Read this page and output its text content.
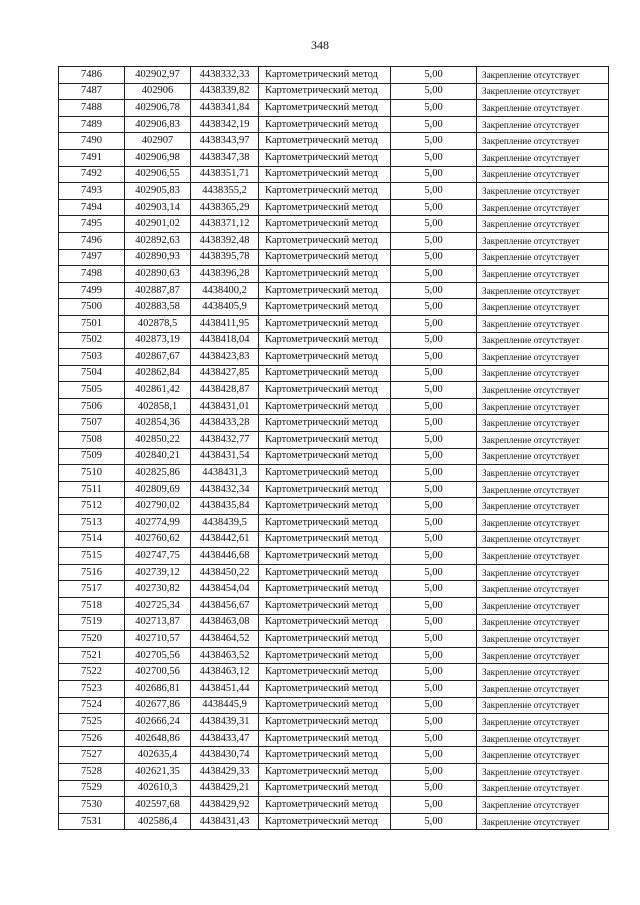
348
7486	402902,97	4438332,33	Картометрический метод	5,00	Закрепление отсутствует
7487	402906	4438339,82	Картометрический метод	5,00	Закрепление отсутствует
7488	402906,78	4438341,84	Картометрический метод	5,00	Закрепление отсутствует
7489	402906,83	4438342,19	Картометрический метод	5,00	Закрепление отсутствует
7490	402907	4438343,97	Картометрический метод	5,00	Закрепление отсутствует
7491	402906,98	4438347,38	Картометрический метод	5,00	Закрепление отсутствует
7492	402906,55	4438351,71	Картометрический метод	5,00	Закрепление отсутствует
7493	402905,83	4438355,2	Картометрический метод	5,00	Закрепление отсутствует
7494	402903,14	4438365,29	Картометрический метод	5,00	Закрепление отсутствует
7495	402901,02	4438371,12	Картометрический метод	5,00	Закрепление отсутствует
7496	402892,63	4438392,48	Картометрический метод	5,00	Закрепление отсутствует
7497	402890,93	4438395,78	Картометрический метод	5,00	Закрепление отсутствует
7498	402890,63	4438396,28	Картометрический метод	5,00	Закрепление отсутствует
7499	402887,87	4438400,2	Картометрический метод	5,00	Закрепление отсутствует
7500	402883,58	4438405,9	Картометрический метод	5,00	Закрепление отсутствует
7501	402878,5	4438411,95	Картометрический метод	5,00	Закрепление отсутствует
7502	402873,19	4438418,04	Картометрический метод	5,00	Закрепление отсутствует
7503	402867,67	4438423,83	Картометрический метод	5,00	Закрепление отсутствует
7504	402862,84	4438427,85	Картометрический метод	5,00	Закрепление отсутствует
7505	402861,42	4438428,87	Картометрический метод	5,00	Закрепление отсутствует
7506	402858,1	4438431,01	Картометрический метод	5,00	Закрепление отсутствует
7507	402854,36	4438433,28	Картометрический метод	5,00	Закрепление отсутствует
7508	402850,22	4438432,77	Картометрический метод	5,00	Закрепление отсутствует
7509	402840,21	4438431,54	Картометрический метод	5,00	Закрепление отсутствует
7510	402825,86	4438431,3	Картометрический метод	5,00	Закрепление отсутствует
7511	402809,69	4438432,34	Картометрический метод	5,00	Закрепление отсутствует
7512	402790,02	4438435,84	Картометрический метод	5,00	Закрепление отсутствует
7513	402774,99	4438439,5	Картометрический метод	5,00	Закрепление отсутствует
7514	402760,62	4438442,61	Картометрический метод	5,00	Закрепление отсутствует
7515	402747,75	4438446,68	Картометрический метод	5,00	Закрепление отсутствует
7516	402739,12	4438450,22	Картометрический метод	5,00	Закрепление отсутствует
7517	402730,82	4438454,04	Картометрический метод	5,00	Закрепление отсутствует
7518	402725,34	4438456,67	Картометрический метод	5,00	Закрепление отсутствует
7519	402713,87	4438463,08	Картометрический метод	5,00	Закрепление отсутствует
7520	402710,57	4438464,52	Картометрический метод	5,00	Закрепление отсутствует
7521	402705,56	4438463,52	Картометрический метод	5,00	Закрепление отсутствует
7522	402700,56	4438463,12	Картометрический метод	5,00	Закрепление отсутствует
7523	402686,81	4438451,44	Картометрический метод	5,00	Закрепление отсутствует
7524	402677,86	4438445,9	Картометрический метод	5,00	Закрепление отсутствует
7525	402666,24	4438439,31	Картометрический метод	5,00	Закрепление отсутствует
7526	402648,86	4438433,47	Картометрический метод	5,00	Закрепление отсутствует
7527	402635,4	4438430,74	Картометрический метод	5,00	Закрепление отсутствует
7528	402621,35	4438429,33	Картометрический метод	5,00	Закрепление отсутствует
7529	402610,3	4438429,21	Картометрический метод	5,00	Закрепление отсутствует
7530	402597,68	4438429,92	Картометрический метод	5,00	Закрепление отсутствует
7531	402586,4	4438431,43	Картометрический метод	5,00	Закрепление отсутствует
